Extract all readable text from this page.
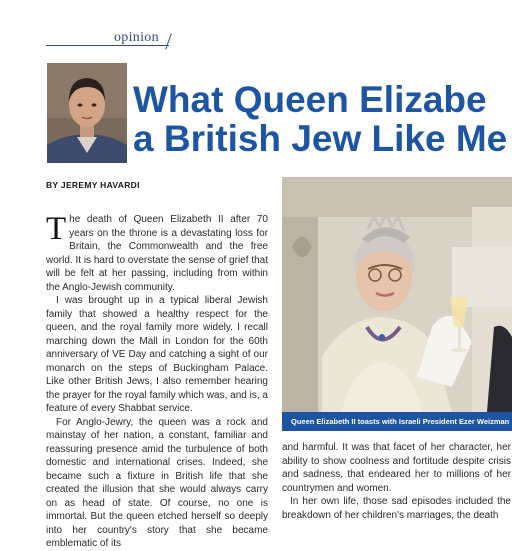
opinion
What Queen Elizabe
a British Jew Like Me
BY JEREMY HAVARDI

The death of Queen Elizabeth II after 70 years on the throne is a devastating loss for Britain, the Commonwealth and the free world. It is hard to overstate the sense of grief that will be felt at her passing, including from within the Anglo-Jewish community.

I was brought up in a typical liberal Jewish family that showed a healthy respect for the queen, and the royal family more widely. I recall marching down the Mall in London for the 60th anniversary of VE Day and catching a sight of our monarch on the steps of Buckingham Palace. Like other British Jews, I also remember hearing the prayer for the royal family which was, and is, a feature of every Shabbat service.

For Anglo-Jewry, the queen was a rock and mainstay of her nation, a constant, familiar and reassuring presence amid the turbulence of both domestic and international crises. Indeed, she became such a fixture in British life that she created the illusion that she would always carry on as head of state. Of course, no one is immortal. But the queen etched herself so deeply into her country's story that she became emblematic of its

Queen Elizabeth II toasts with Israeli President Ezer Weizman

and harmful. It was that facet of her character, her ability to show coolness and fortitude despite crisis and sadness, that endeared her to millions of her countrymen and women.

In her own life, those sad episodes included the breakdown of her children's marriages, the death
